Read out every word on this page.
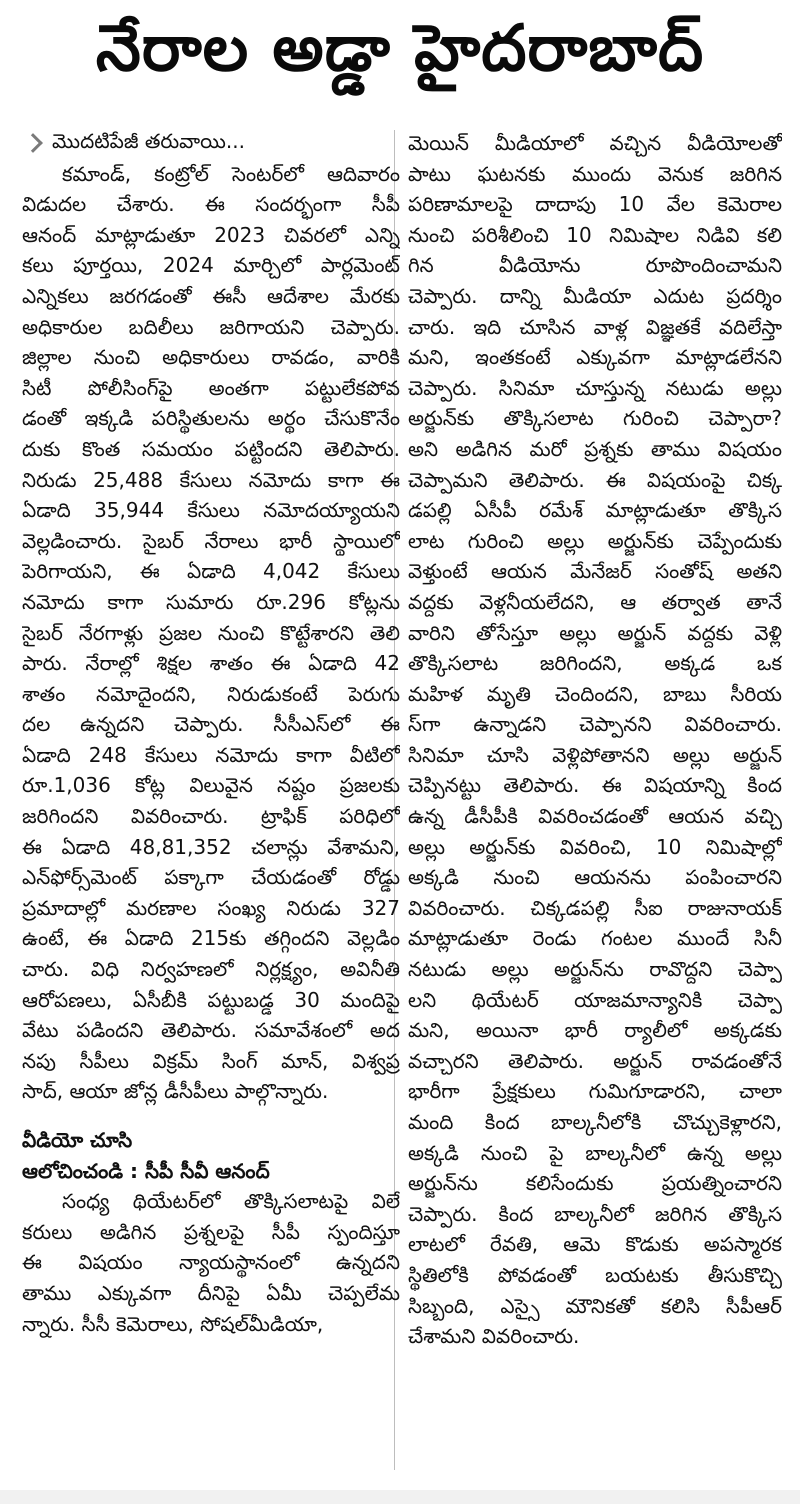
నేరాల అడ్డా హైదరాబాద్
మొదటిపేజీ తరువాయి...
కమాండ్, కంట్రోల్ సెంటర్‌లో ఆదివారం
విడుదల చేశారు. ఈ సందర్భంగా సీపీ
ఆనంద్ మాట్లాడుతూ 2023 చివరలో ఎన్ని
కలు పూర్తయి, 2024 మార్చిలో పార్లమెంట్
ఎన్నికలు జరగడంతో ఈసీ ఆదేశాల మేరకు
అధికారుల బదిలీలు జరిగాయని చెప్పారు.
జిల్లాల నుంచి అధికారులు రావడం, వారికి
సిటీ పోలీసింగ్‌పై అంతగా పట్టులేకపోవ
డంతో ఇక్కడి పరిస్థితులను అర్థం చేసుకొనేం
దుకు కొంత సమయం పట్టిందని తెలిపారు.
నిరుడు 25,488 కేసులు నమోదు కాగా ఈ
ఏడాది 35,944 కేసులు నమోదయ్యాయని
వెల్లడించారు. సైబర్ నేరాలు భారీ స్థాయిలో
పెరిగాయని, ఈ ఏడాది 4,042 కేసులు
నమోదు కాగా సుమారు రూ.296 కోట్లను
సైబర్ నేరగాళ్లు ప్రజల నుంచి కొట్టేశారని తెలి
పారు. నేరాల్లో శిక్షల శాతం ఈ ఏడాది 42
శాతం నమోదైందని, నిరుడుకంటే పెరుగు
దల ఉన్నదని చెప్పారు. సీసీఎస్‌లో ఈ
ఏడాది 248 కేసులు నమోదు కాగా వీటిలో
రూ.1,036 కోట్ల విలువైన నష్టం ప్రజలకు
జరిగిందని వివరించారు. ట్రాఫిక్ పరిధిలో
ఈ ఏడాది 48,81,352 చలాన్లు వేశామని,
ఎన్‌ఫోర్స్‌మెంట్ పక్కాగా చేయడంతో రోడ్డు
ప్రమాదాల్లో మరణాల సంఖ్య నిరుడు 327
ఉంటే, ఈ ఏడాది 215కు తగ్గిందని వెల్లడిం
చారు. విధి నిర్వహణలో నిర్లక్ష్యం, అవినీతి
ఆరోపణలు, ఏసీబీకి పట్టుబడ్డ 30 మందిపై
వేటు పడిందని తెలిపారు. సమావేశంలో అద
నపు సీపీలు విక్రమ్ సింగ్ మాన్, విశ్వప్ర
సాద్, ఆయా జోన్ల డీసీపీలు పాల్గొన్నారు.
వీడియో చూసి
ఆలోచించండి : సీపీ సీవీ ఆనంద్
సంధ్య థియేటర్‌లో తొక్కిసలాటపై విలే
కరులు అడిగిన ప్రశ్నలపై సీపీ స్పందిస్తూ
ఈ విషయం న్యాయస్థానంలో ఉన్నదని
తాము ఎక్కువగా దీనిపై ఏమీ చెప్పలేమ
న్నారు. సీసీ కెమెరాలు, సోషల్‌మీడియా,
మెయిన్ మీడియాలో వచ్చిన వీడియోలతో
పాటు ఘటనకు ముందు వెనుక జరిగిన
పరిణామాలపై దాదాపు 10 వేల కెమెరాల
నుంచి పరిశీలించి 10 నిమిషాల నిడివి కలి
గిన వీడియోను రూపొందించామని
చెప్పారు. దాన్ని మీడియా ఎదుట ప్రదర్శిం
చారు. ఇది చూసిన వాళ్ల విజ్ఞతకే వదిలేస్తా
మని, ఇంతకంటే ఎక్కువగా మాట్లాడలేనని
చెప్పారు. సినిమా చూస్తున్న నటుడు అల్లు
అర్జున్‌కు తొక్కిసలాట గురించి చెప్పారా?
అని అడిగిన మరో ప్రశ్నకు తాము విషయం
చెప్పామని తెలిపారు. ఈ విషయంపై చిక్క
డపల్లి ఏసీపీ రమేశ్ మాట్లాడుతూ తొక్కిస
లాట గురించి అల్లు అర్జున్‌కు చెప్పేందుకు
వెళ్తుంటే ఆయన మేనేజర్ సంతోష్ అతని
వద్దకు వెళ్లనీయలేదని, ఆ తర్వాత తానే
వారిని తోసేస్తూ అల్లు అర్జున్ వద్దకు వెళ్లి
తొక్కిసలాట జరిగిందని, అక్కడ ఒక
మహిళ మృతి చెందిందని, బాబు సీరియ
స్‌గా ఉన్నాడని చెప్పానని వివరించారు.
సినిమా చూసి వెళ్లిపోతానని అల్లు అర్జున్
చెప్పినట్టు తెలిపారు. ఈ విషయాన్ని కింద
ఉన్న డీసీపీకి వివరించడంతో ఆయన వచ్చి
అల్లు అర్జున్‌కు వివరించి, 10 నిమిషాల్లో
అక్కడి నుంచి ఆయనను పంపించారని
వివరించారు. చిక్కడపల్లి సీఐ రాజునాయక్
మాట్లాడుతూ రెండు గంటల ముందే సినీ
నటుడు అల్లు అర్జున్‌ను రావొద్దని చెప్పా
లని థియేటర్ యాజమాన్యానికి చెప్పా
మని, అయినా భారీ ర్యాలీలో అక్కడకు
వచ్చారని తెలిపారు. అర్జున్ రావడంతోనే
భారీగా ప్రేక్షకులు గుమిగూడారని, చాలా
మంది కింద బాల్కనీలోకి చొచ్చుకెళ్లారని,
అక్కడి నుంచి పై బాల్కనీలో ఉన్న అల్లు
అర్జున్‌ను కలిసేందుకు ప్రయత్నించారని
చెప్పారు. కింద బాల్కనీలో జరిగిన తొక్కిస
లాటలో రేవతి, ఆమె కొడుకు అపస్మారక
స్థితిలోకి పోవడంతో బయటకు తీసుకొచ్చి
సిబ్బంది, ఎస్సై మౌనికతో కలిసి సీపీఆర్
చేశామని వివరించారు.
